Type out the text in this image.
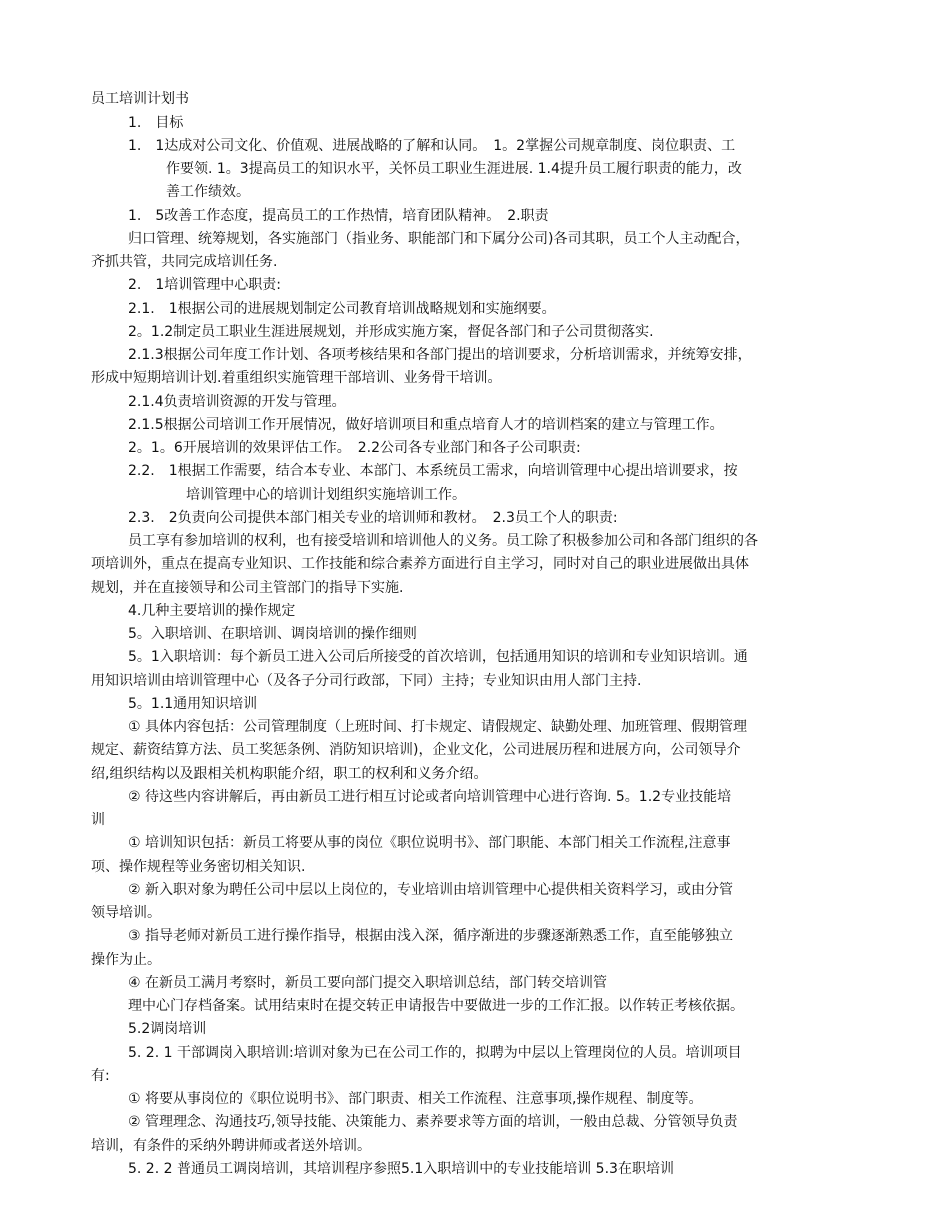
员工培训计划书

1.　目标

1.　1达成对公司文化、价值观、进展战略的了解和认同。　1。2掌握公司规章制度、岗位职责、工

作要领. 1。3提高员工的知识水平，关怀员工职业生涯进展. 1.4提升员工履行职责的能力，改

善工作绩效。

1.　5改善工作态度，提高员工的工作热情，培育团队精神。　2.职责

归口管理、统筹规划，各实施部门（指业务、职能部门和下属分公司)各司其职，员工个人主动配合，

齐抓共管，共同完成培训任务.

2.　1培训管理中心职责:

2.1.　1根据公司的进展规划制定公司教育培训战略规划和实施纲要。

2。1.2制定员工职业生涯进展规划，并形成实施方案，督促各部门和子公司贯彻落实.

2.1.3根据公司年度工作计划、各项考核结果和各部门提出的培训要求，分析培训需求，并统筹安排，

形成中短期培训计划.着重组织实施管理干部培训、业务骨干培训。

2.1.4负责培训资源的开发与管理。

2.1.5根据公司培训工作开展情况，做好培训项目和重点培育人才的培训档案的建立与管理工作。

2。1。6开展培训的效果评估工作。　2.2公司各专业部门和各子公司职责:

2.2.　1根据工作需要，结合本专业、本部门、本系统员工需求，向培训管理中心提出培训要求，按

培训管理中心的培训计划组织实施培训工作。

2.3.　2负责向公司提供本部门相关专业的培训师和教材。　2.3员工个人的职责:

员工享有参加培训的权利，也有接受培训和培训他人的义务。员工除了积极参加公司和各部门组织的各

项培训外，重点在提高专业知识、工作技能和综合素养方面进行自主学习，同时对自己的职业进展做出具体

规划，并在直接领导和公司主管部门的指导下实施.

4.几种主要培训的操作规定

5。入职培训、在职培训、调岗培训的操作细则

5。1入职培训：每个新员工进入公司后所接受的首次培训，包括通用知识的培训和专业知识培训。通

用知识培训由培训管理中心（及各子分司行政部，下同）主持；专业知识由用人部门主持.

5。1.1通用知识培训

① 具体内容包括：公司管理制度（上班时间、打卡规定、请假规定、缺勤处理、加班管理、假期管理

规定、薪资结算方法、员工奖惩条例、消防知识培训)，企业文化，公司进展历程和进展方向，公司领导介

绍,组织结构以及跟相关机构职能介绍，职工的权利和义务介绍。

② 待这些内容讲解后，再由新员工进行相互讨论或者向培训管理中心进行咨询. 5。1.2专业技能培

训

① 培训知识包括：新员工将要从事的岗位《职位说明书》、部门职能、本部门相关工作流程,注意事

项、操作规程等业务密切相关知识.

② 新入职对象为聘任公司中层以上岗位的，专业培训由培训管理中心提供相关资料学习，或由分管

领导培训。

③ 指导老师对新员工进行操作指导，根据由浅入深，循序渐进的步骤逐渐熟悉工作，直至能够独立

操作为止。

④ 在新员工满月考察时，新员工要向部门提交入职培训总结，部门转交培训管

理中心门存档备案。试用结束时在提交转正申请报告中要做进一步的工作汇报。以作转正考核依据。

5.2调岗培训

5. 2. 1 干部调岗入职培训:培训对象为已在公司工作的，拟聘为中层以上管理岗位的人员。培训项目

有:

① 将要从事岗位的《职位说明书》、部门职责、相关工作流程、注意事项,操作规程、制度等。

② 管理理念、沟通技巧,领导技能、决策能力、素养要求等方面的培训，一般由总裁、分管领导负责

培训，有条件的采纳外聘讲师或者送外培训。

5. 2. 2 普通员工调岗培训，其培训程序参照5.1入职培训中的专业技能培训 5.3在职培训
